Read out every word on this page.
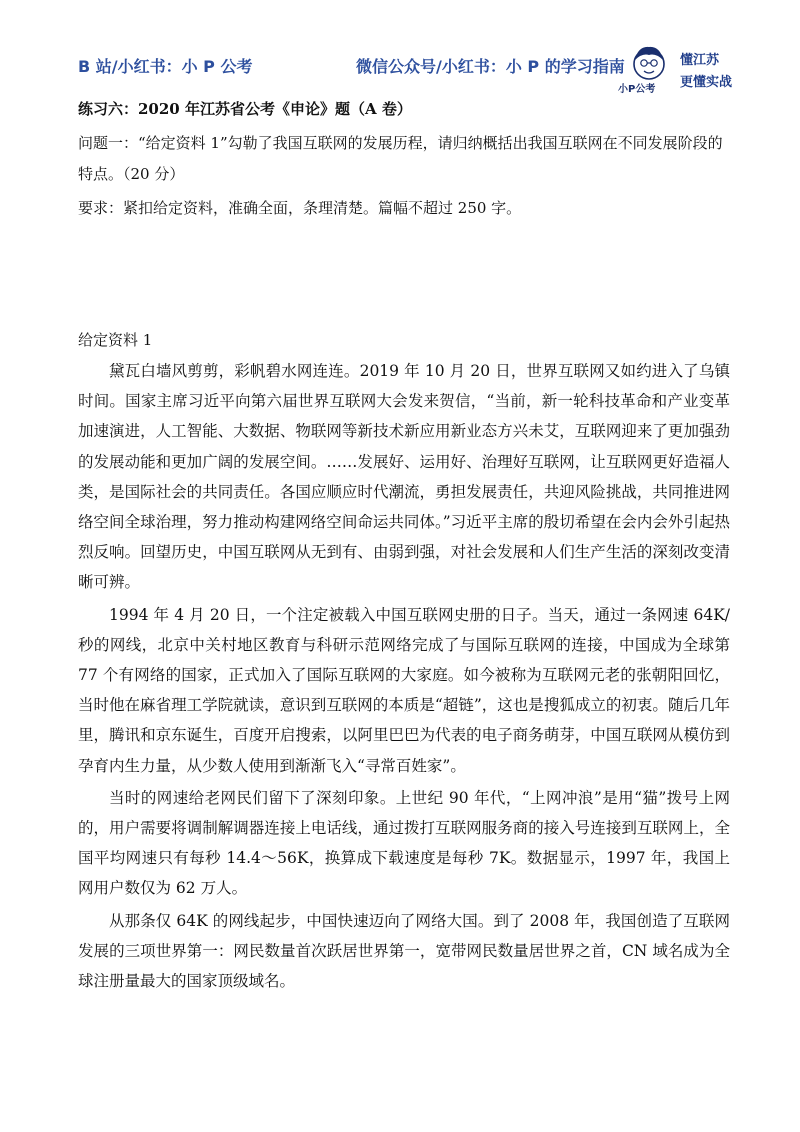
B 站/小红书：小 P 公考	微信公众号/小红书：小 P 的学习指南
小P公考
懂江苏
更懂实战
练习六：2020 年江苏省公考《申论》题（A 卷）
问题一：“给定资料 1”勾勒了我国互联网的发展历程，请归纳概括出我国互联网在不同发展阶段的特点。（20 分）
要求：紧扣给定资料，准确全面，条理清楚。篇幅不超过 250 字。
给定资料 1

黛瓦白墙风剪剪，彩帆碧水网连连。2019 年 10 月 20 日，世界互联网又如约进入了乌镇时间。国家主席习近平向第六届世界互联网大会发来贺信，“当前，新一轮科技革命和产业变革加速演进，人工智能、大数据、物联网等新技术新应用新业态方兴未艾，互联网迎来了更加强劲的发展动能和更加广阔的发展空间。……发展好、运用好、治理好互联网，让互联网更好造福人类，是国际社会的共同责任。各国应顺应时代潮流，勇担发展责任，共迎风险挑战，共同推进网络空间全球治理，努力推动构建网络空间命运共同体。”习近平主席的殷切希望在会内会外引起热烈反响。回望历史，中国互联网从无到有、由弱到强，对社会发展和人们生产生活的深刻改变清晰可辨。

1994 年 4 月 20 日，一个注定被载入中国互联网史册的日子。当天，通过一条网速 64K/秒的网线，北京中关村地区教育与科研示范网络完成了与国际互联网的连接，中国成为全球第 77 个有网络的国家，正式加入了国际互联网的大家庭。如今被称为互联网元老的张朝阳回忆，当时他在麻省理工学院就读，意识到互联网的本质是“超链”，这也是搜狐成立的初衷。随后几年里，腾讯和京东诞生，百度开启搜索，以阿里巴巴为代表的电子商务萌芽，中国互联网从模仿到孕育内生力量，从少数人使用到渐渐飞入“寻常百姓家”。

当时的网速给老网民们留下了深刻印象。上世纪 90 年代，“上网冲浪”是用“猫”拨号上网的，用户需要将调制解调器连接上电话线，通过拨打互联网服务商的接入号连接到互联网上，全国平均网速只有每秒 14.4～56K，换算成下载速度是每秒 7K。数据显示，1997 年，我国上网用户数仅为 62 万人。

从那条仅 64K 的网线起步，中国快速迈向了网络大国。到了 2008 年，我国创造了互联网发展的三项世界第一：网民数量首次跃居世界第一，宽带网民数量居世界之首，CN 域名成为全球注册量最大的国家顶级域名。
